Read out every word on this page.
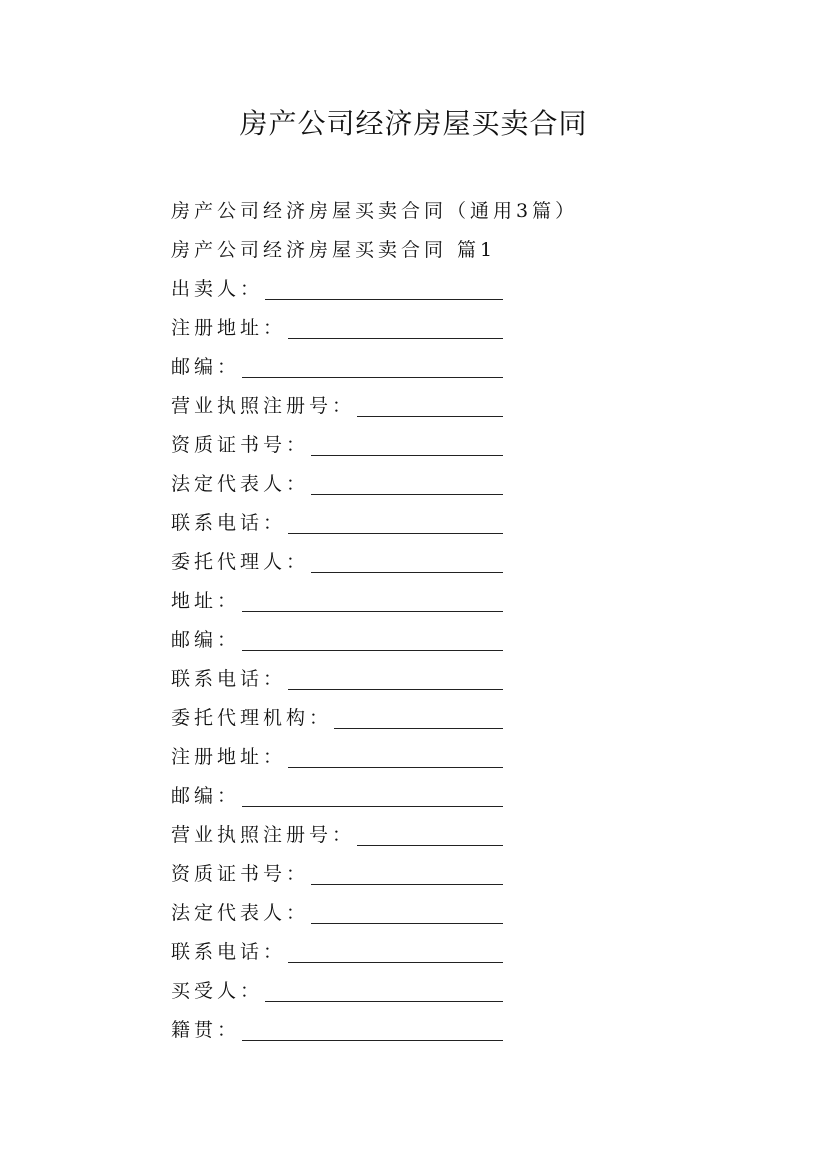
房产公司经济房屋买卖合同

房产公司经济房屋买卖合同（通用3篇）

房产公司经济房屋买卖合同 篇1

出卖人：
注册地址：
邮编：
营业执照注册号：
资质证书号：
法定代表人：
联系电话：
委托代理人：
地址：
邮编：
联系电话：
委托代理机构：
注册地址：
邮编：
营业执照注册号：
资质证书号：
法定代表人：
联系电话：
买受人：
籍贯：
